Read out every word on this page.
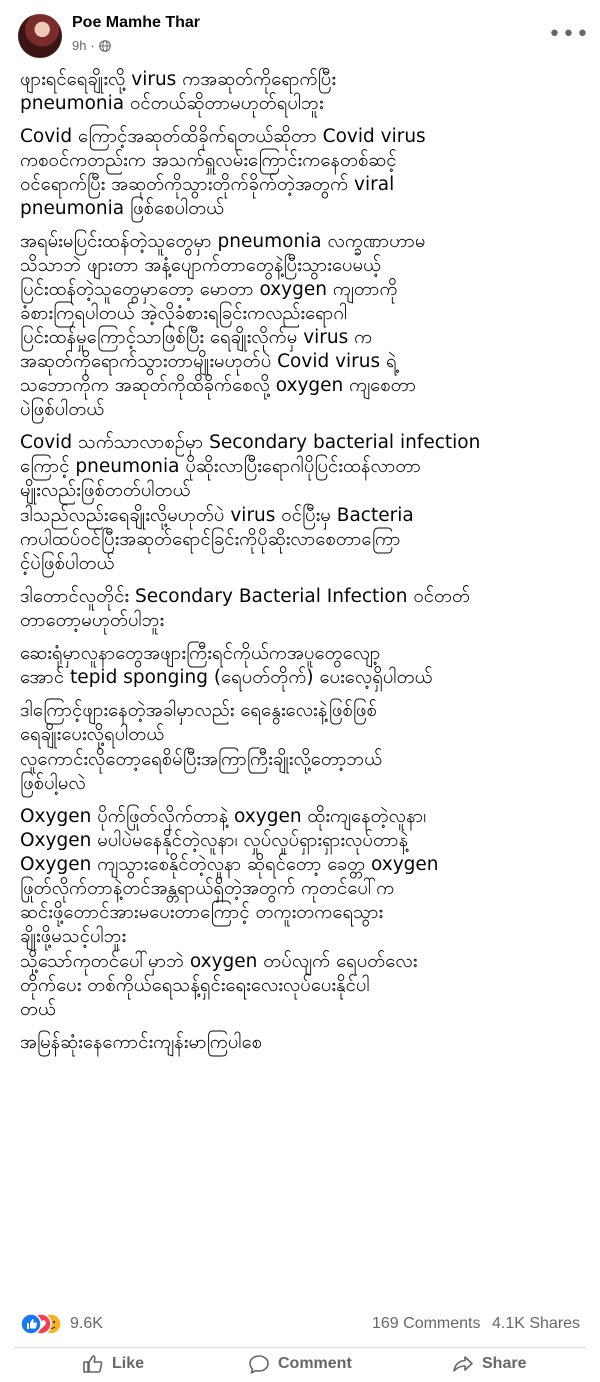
Poe Mamhe Thar
9h ·	•••

ဖျားရင်ရေချိုးလို့ virus ကအဆုတ်ကိုရောက်ပြီး
pneumonia ဝင်တယ်ဆိုတာမဟုတ်ရပါဘူး

Covid ကြောင့်အဆုတ်ထိခိုက်ရတယ်ဆိုတာ Covid virus
ကစဝင်ကတည်းက အသက်ရှူလမ်းကြောင်းကနေတစ်ဆင့်
ဝင်ရောက်ပြီး အဆုတ်ကိုသွားတိုက်ခိုက်တဲ့အတွက် viral
pneumonia ဖြစ်စေပါတယ်

အရမ်းမပြင်းထန်တဲ့သူတွေမှာ pneumonia လက္ခဏာဟာမ
သိသာဘဲ ဖျားတာ အနံ့ပျောက်တာတွေနဲ့ပြီးသွားပေမယ့်
ပြင်းထန်တဲ့သူတွေမှာတော့ မောတာ oxygen ကျတာကို
ခံစားကြရပါတယ် အဲ့လိုခံစားရခြင်းကလည်းရောဂါ
ပြင်းထန်မှုကြောင့်သာဖြစ်ပြီး ရေချိုးလိုက်မှ virus က
အဆုတ်ကိုရောက်သွားတာမျိုးမဟုတ်ပဲ Covid virus ရဲ့
သဘောကိုက အဆုတ်ကိုထိခိုက်စေလို့ oxygen ကျစေတာ
ပဲဖြစ်ပါတယ်

Covid သက်သာလာစဉ်မှာ Secondary bacterial infection
ကြောင့် pneumonia ပိုဆိုးလာပြီးရောဂါပိုပြင်းထန်လာတာ
မျိုးလည်းဖြစ်တတ်ပါတယ်

ဒါသည်လည်းရေချိုးလို့မဟုတ်ပဲ virus ဝင်ပြီးမှ Bacteria
ကပါထပ်ဝင်ပြီးအဆုတ်ရောင်ခြင်းကိုပိုဆိုးလာစေတာကြော
င့်ပဲဖြစ်ပါတယ်

ဒါတောင်လူတိုင်း Secondary Bacterial Infection ဝင်တတ်
တာတော့မဟုတ်ပါဘူး

ဆေးရုံမှာလူနာတွေအဖျားကြီးရင်ကိုယ်ကအပူတွေလျော့
အောင် tepid sponging (ရေပတ်တိုက်) ပေးလေ့ရှိပါတယ်

ဒါကြောင့်ဖျားနေတဲ့အခါမှာလည်း ရေနွေးလေးနဲ့ဖြစ်ဖြစ်
ရေချိုးပေးလို့ရပါတယ်

လူကောင်းလိုတော့ရေစိမ်ပြီးအကြာကြီးချိုးလို့တော့ဘယ်
ဖြစ်ပါ့မလဲ

Oxygen ပိုက်ဖြုတ်လိုက်တာနဲ့ oxygen ထိုးကျနေတဲ့လူနာ၊
Oxygen မပါပဲမနေနိုင်တဲ့လူနာ၊ လှုပ်လှုပ်ရှားရှားလုပ်တာနဲ့
Oxygen ကျသွားစေနိုင်တဲ့လူနာ ဆိုရင်တော့ ခေတ္တ oxygen
ဖြုတ်လိုက်တာနဲ့တင်အန္တရာယ်ရှိတဲ့အတွက် ကုတင်ပေါ်က
ဆင်းဖို့တောင်အားမပေးတာကြောင့် တကူးတကရေသွား
ချိုးဖို့မသင့်ပါဘူး

သို့သော်ကုတင်ပေါ်မှာဘဲ oxygen တပ်လျက် ရေပတ်လေး
တိုက်ပေး တစ်ကိုယ်ရေသန့်ရှင်းရေးလေးလုပ်ပေးနိုင်ပါ
တယ်

အမြန်ဆုံးနေကောင်းကျန်းမာကြပါစေ

9.6K	169 Comments 4.1K Shares
Like	Comment	Share
